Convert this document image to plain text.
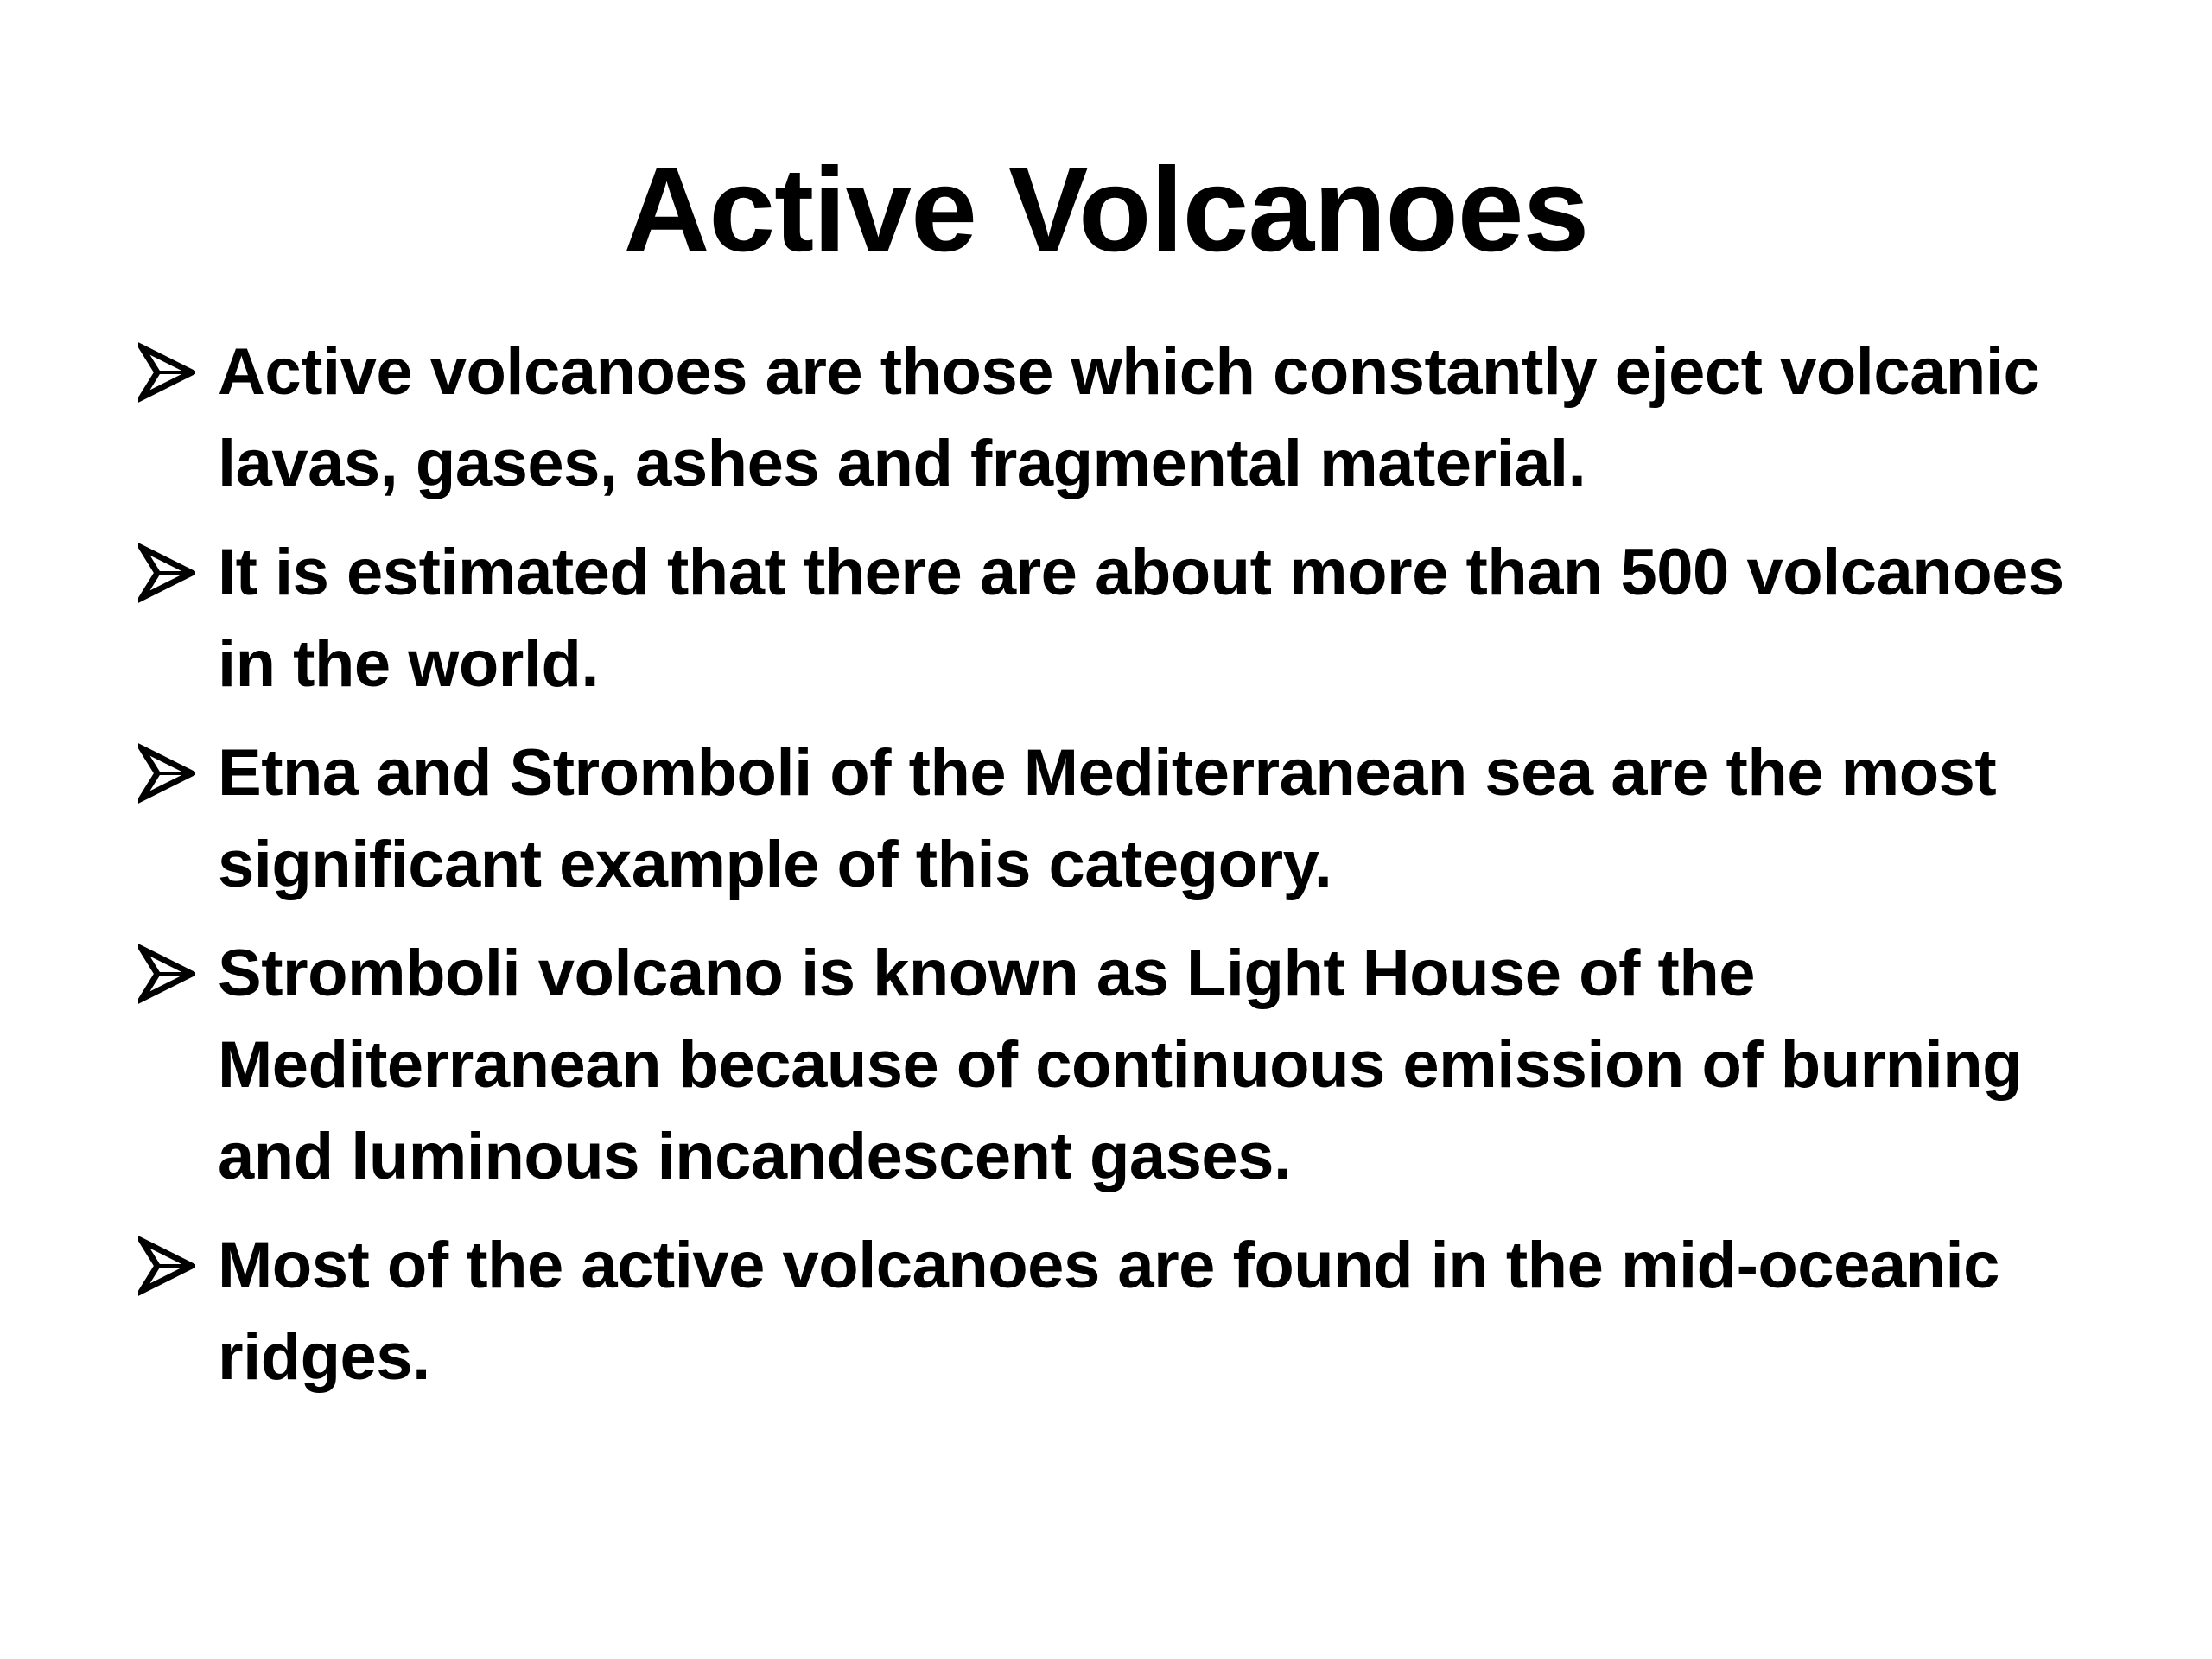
Active Volcanoes
Active volcanoes are those which constantly eject volcanic lavas, gases, ashes and fragmental material.
It is estimated that there are about more than 500 volcanoes in the world.
Etna and Stromboli of the Mediterranean sea are the most significant example of this category.
Stromboli volcano is known as Light House of the Mediterranean because of continuous emission of burning and luminous incandescent gases.
Most of the active volcanoes are found in the mid-oceanic ridges.
